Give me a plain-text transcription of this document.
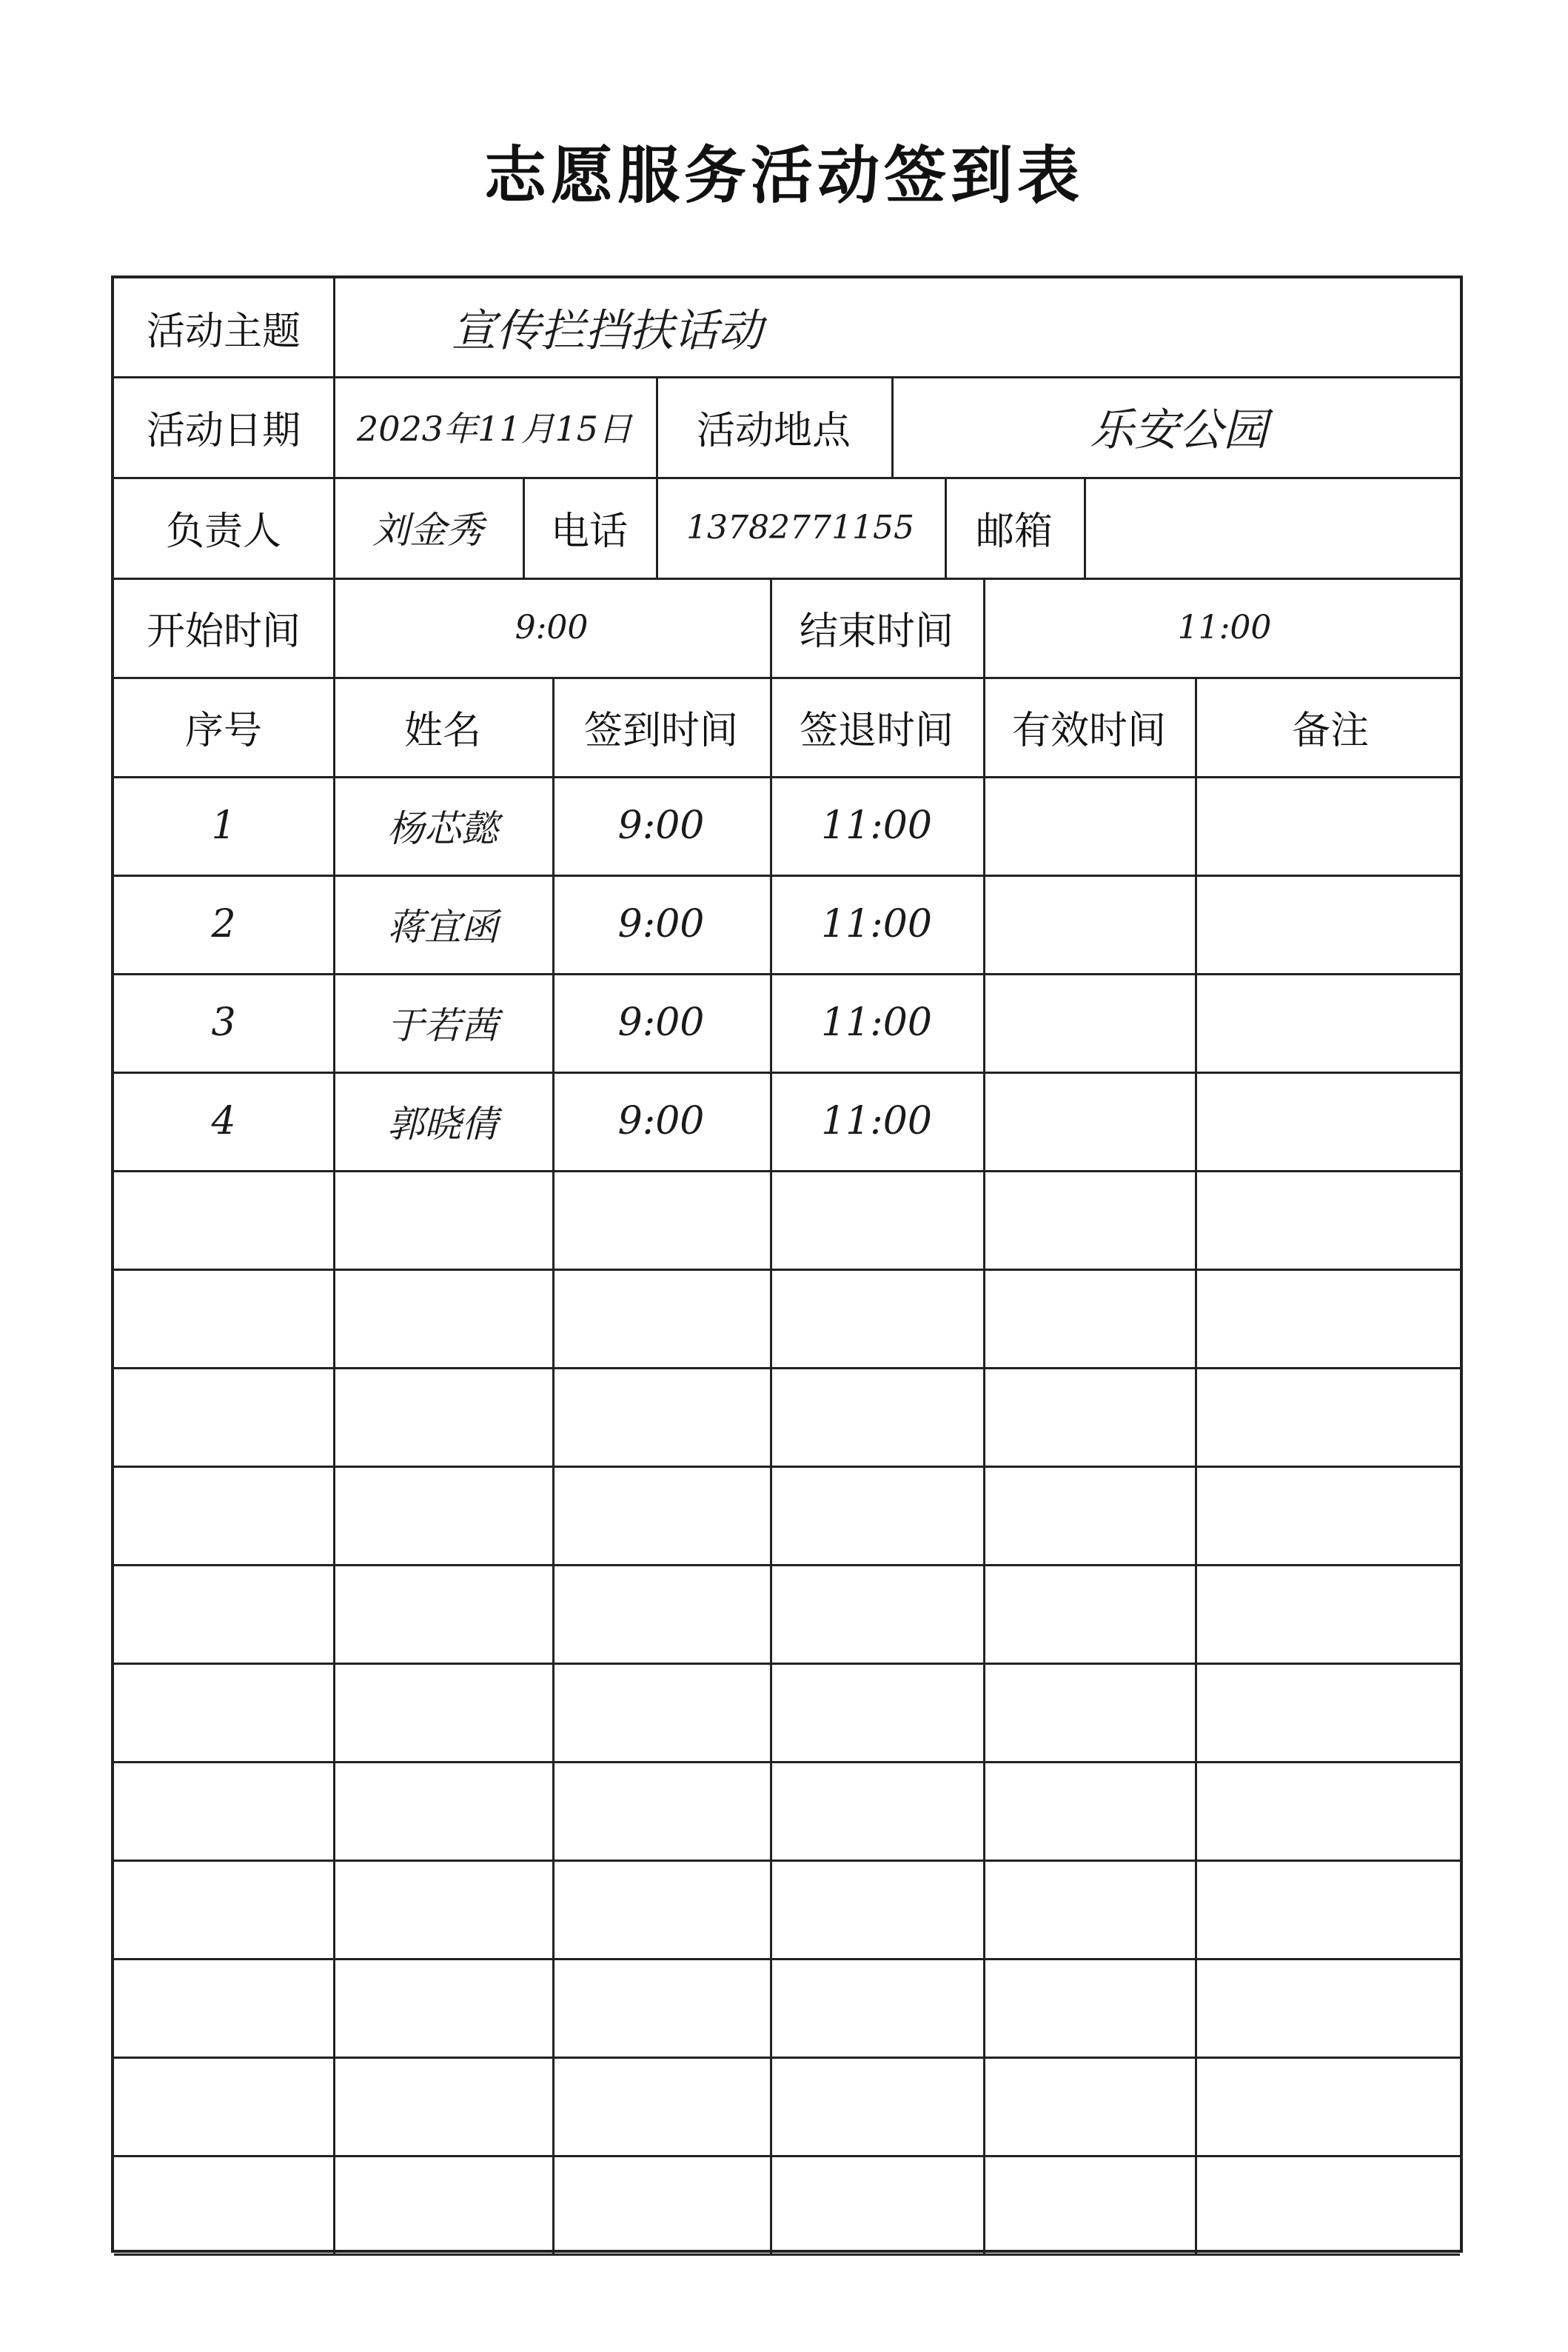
志愿服务活动签到表
活动主题	宣传拦挡扶话动
活动日期	2023年11月15日	活动地点	乐安公园
负责人	刘金秀	电话	13782771155	邮箱
开始时间	9:00	结束时间	11:00
序号	姓名	签到时间	签退时间	有效时间	备注
1	杨芯懿	9:00	11:00
2	蒋宜函	9:00	11:00
3	于若茜	9:00	11:00
4	郭晓倩	9:00	11:00
